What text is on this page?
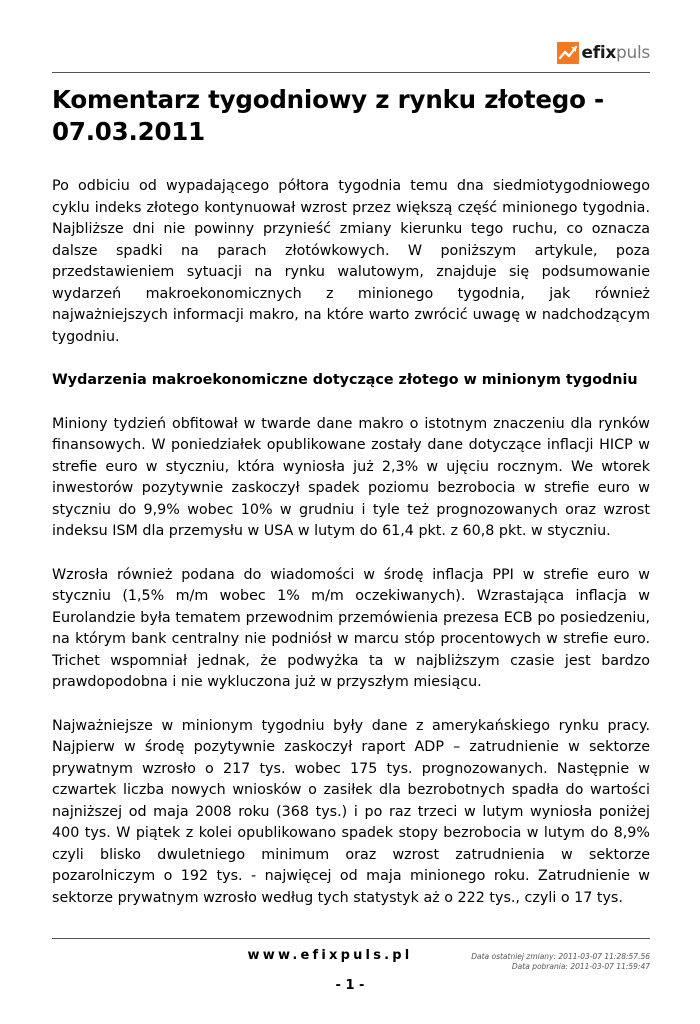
efixpuls
Komentarz tygodniowy z rynku złotego - 07.03.2011

Po odbiciu od wypadającego półtora tygodnia temu dna siedmiotygodniowego cyklu indeks złotego kontynuował wzrost przez większą część minionego tygodnia. Najbliższe dni nie powinny przynieść zmiany kierunku tego ruchu, co oznacza dalsze spadki na parach złotówkowych. W poniższym artykule, poza przedstawieniem sytuacji na rynku walutowym, znajduje się podsumowanie wydarzeń makroekonomicznych z minionego tygodnia, jak również najważniejszych informacji makro, na które warto zwrócić uwagę w nadchodzącym tygodniu.

Wydarzenia makroekonomiczne dotyczące złotego w minionym tygodniu

Miniony tydzień obfitował w twarde dane makro o istotnym znaczeniu dla rynków finansowych. W poniedziałek opublikowane zostały dane dotyczące inflacji HICP w strefie euro w styczniu, która wyniosła już 2,3% w ujęciu rocznym. We wtorek inwestorów pozytywnie zaskoczył spadek poziomu bezrobocia w strefie euro w styczniu do 9,9% wobec 10% w grudniu i tyle też prognozowanych oraz wzrost indeksu ISM dla przemysłu w USA w lutym do 61,4 pkt. z 60,8 pkt. w styczniu.

Wzrosła również podana do wiadomości w środę inflacja PPI w strefie euro w styczniu (1,5% m/m wobec 1% m/m oczekiwanych). Wzrastająca inflacja w Eurolandzie była tematem przewodnim przemówienia prezesa ECB po posiedzeniu, na którym bank centralny nie podniósł w marcu stóp procentowych w strefie euro. Trichet wspomniał jednak, że podwyżka ta w najbliższym czasie jest bardzo prawdopodobna i nie wykluczona już w przyszłym miesiącu.

Najważniejsze w minionym tygodniu były dane z amerykańskiego rynku pracy. Najpierw w środę pozytywnie zaskoczył raport ADP – zatrudnienie w sektorze prywatnym wzrosło o 217 tys. wobec 175 tys. prognozowanych. Następnie w czwartek liczba nowych wniosków o zasiłek dla bezrobotnych spadła do wartości najniższej od maja 2008 roku (368 tys.) i po raz trzeci w lutym wyniosła poniżej 400 tys. W piątek z kolei opublikowano spadek stopy bezrobocia w lutym do 8,9% czyli blisko dwuletniego minimum oraz wzrost zatrudnienia w sektorze pozarolniczym o 192 tys. - najwięcej od maja minionego roku. Zatrudnienie w sektorze prywatnym wzrosło według tych statystyk aż o 222 tys., czyli o 17 tys.

www.efixpuls.pl	Data ostatniej zmiany: 2011-03-07 11:28:57.56
Data pobrania: 2011-03-07 11:59:47
- 1 -
